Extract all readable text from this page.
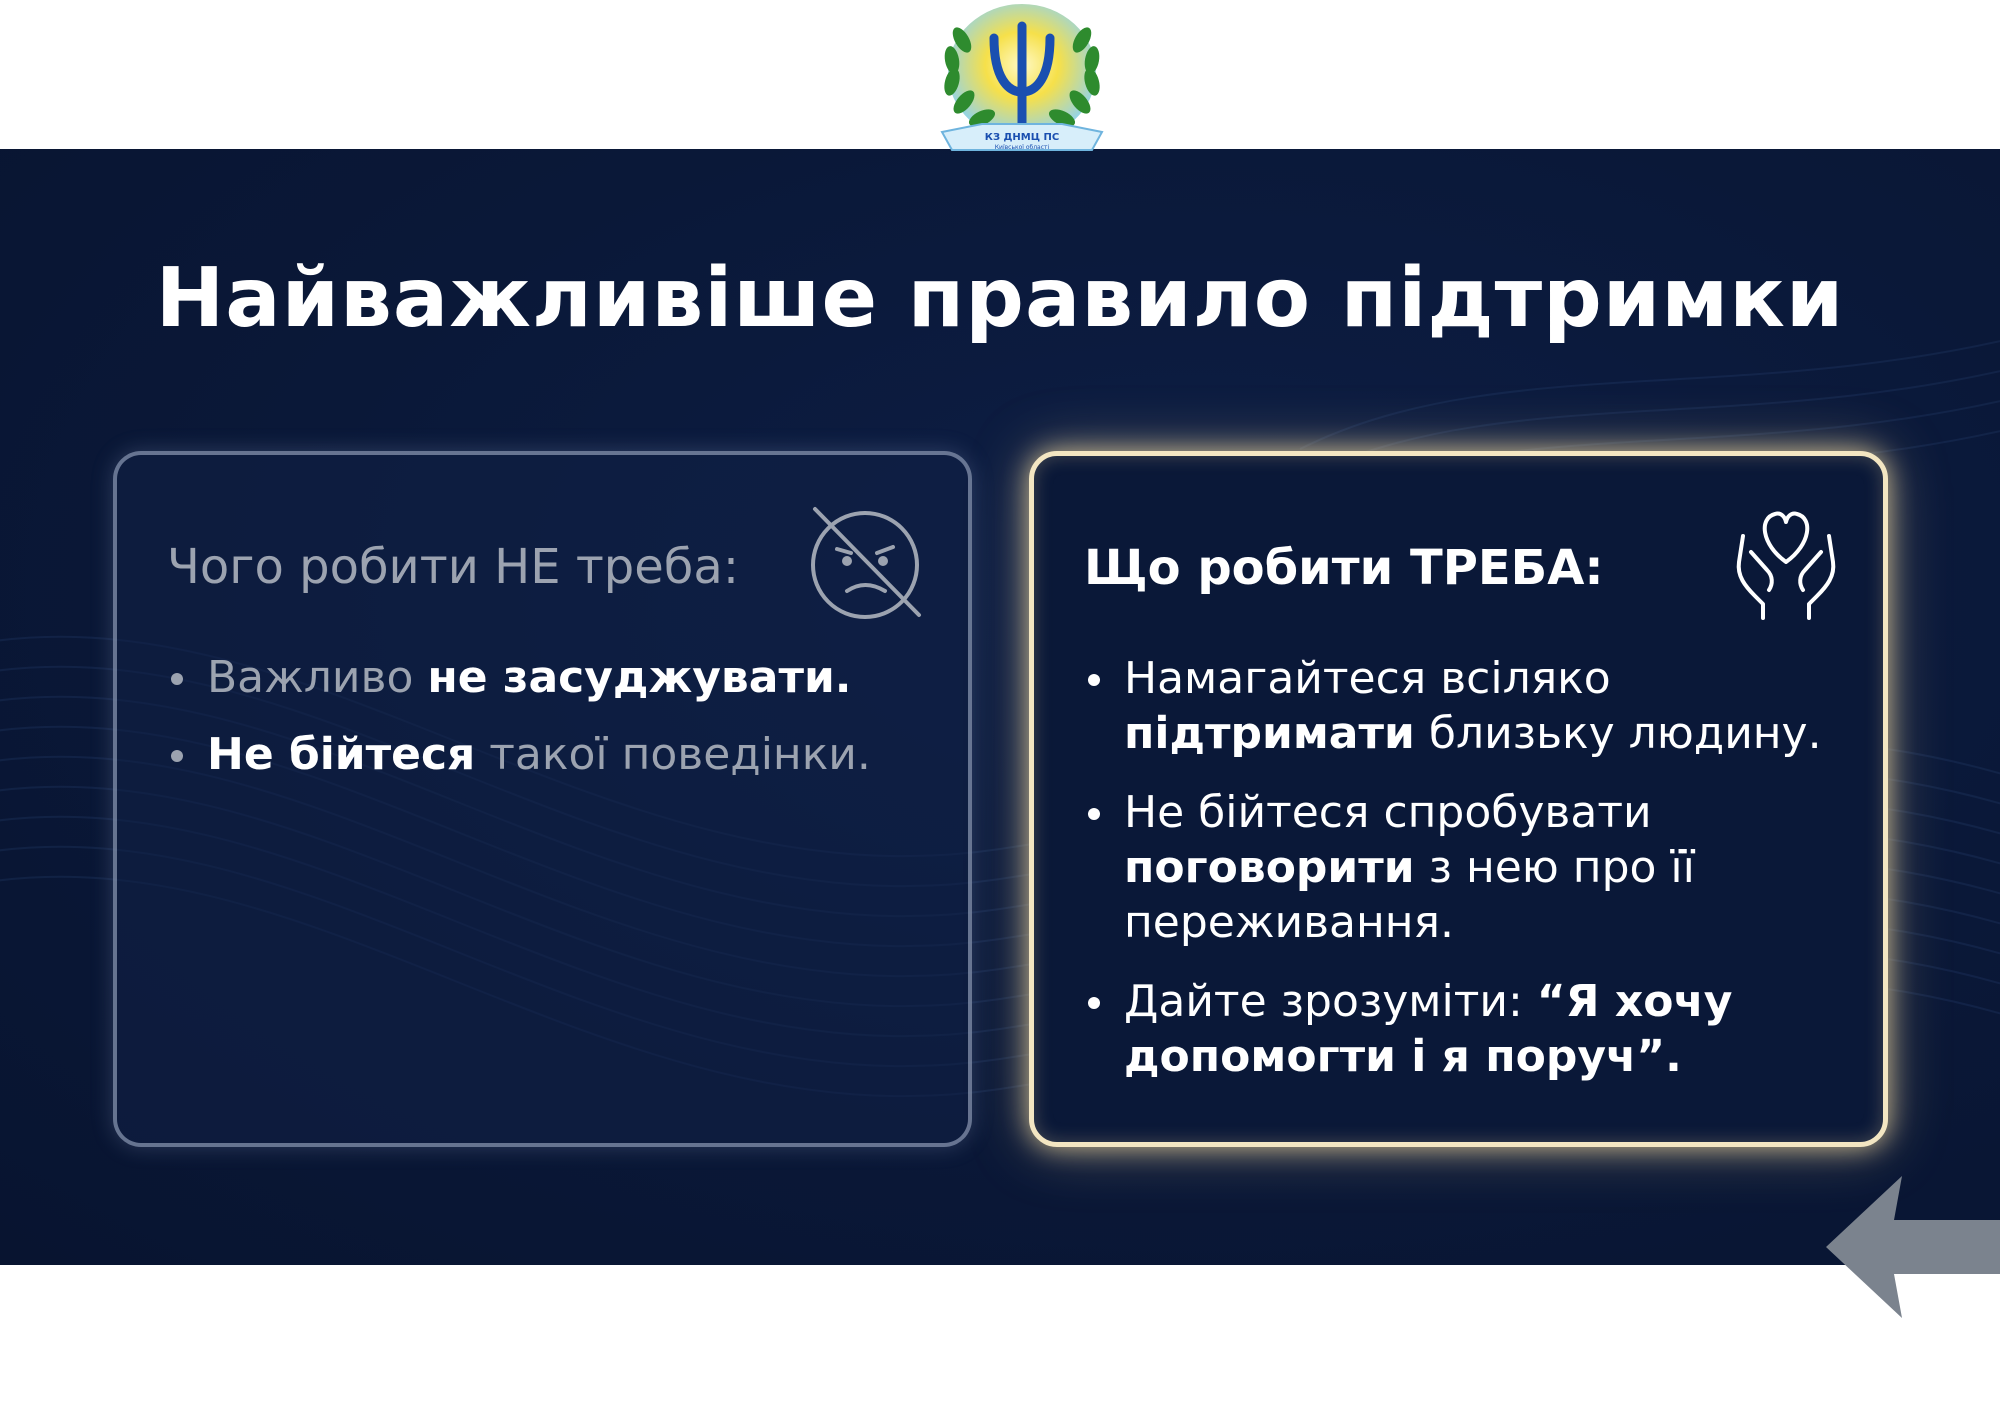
Найважливіше правило підтримки
Чого робити НЕ треба:
Важливо не засуджувати.
Не бійтеся такої поведінки.
Що робити ТРЕБА:
Намагайтеся всіляко підтримати близьку людину.
Не бійтеся спробувати поговорити з нею про її переживання.
Дайте зрозуміти: “Я хочу допомогти і я поруч”.
КЗ ДНМЦ ПС
Київської області
